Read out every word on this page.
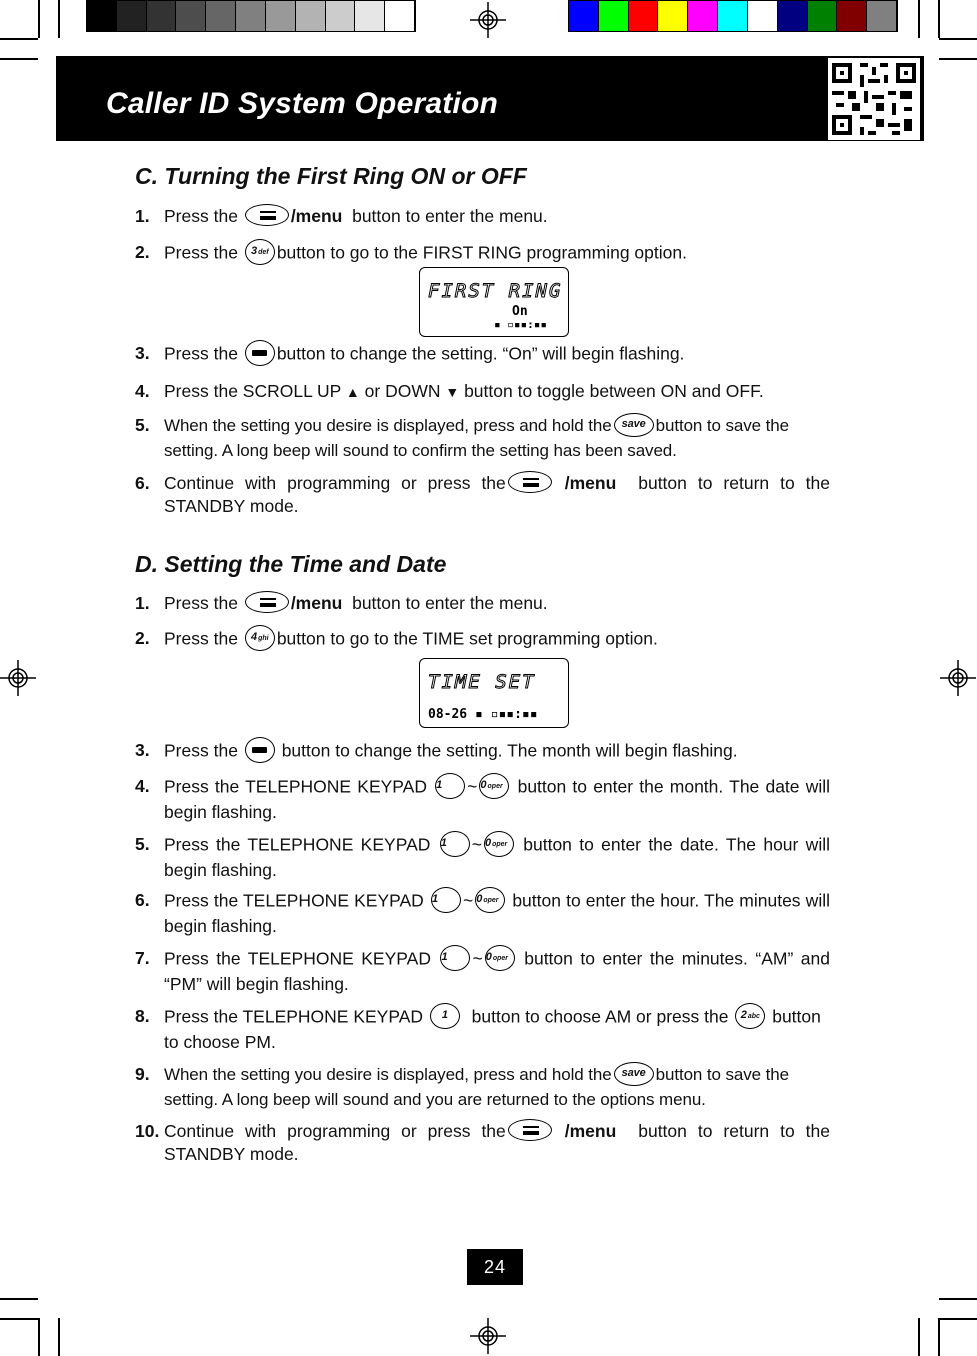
Caller ID System Operation
C. Turning the First Ring ON or OFF
1. Press the	/menu button to enter the menu.
2. Press the 3def button to go to the FIRST RING programming option.
FIRST RING
On
▪ ▫▪▪:▪▪
3. Press the button to change the setting. “On” will begin flashing.
4. Press the SCROLL UP ▲ or DOWN ▼ button to toggle between ON and OFF.
5. When the setting you desire is displayed, press and hold the save button to save the setting. A long beep will sound to confirm the setting has been saved.
6. Continue with programming or press the	/menu button to return to the STANDBY mode.
D. Setting the Time and Date
1. Press the	/menu button to enter the menu.
2. Press the 4ghi button to go to the TIME set programming option.
TIME SET
08-26 ▪ ▫▪▪:▪▪
3. Press the	button to change the setting. The month will begin flashing.
4. Press the TELEPHONE KEYPAD 1 ~ 0oper button to enter the month. The date will begin flashing.
5. Press the TELEPHONE KEYPAD 1 ~ 0oper button to enter the date. The hour will begin flashing.
6. Press the TELEPHONE KEYPAD 1 ~ 0oper button to enter the hour. The minutes will begin flashing.
7. Press the TELEPHONE KEYPAD 1 ~ 0oper button to enter the minutes. “AM” and “PM” will begin flashing.
8. Press the TELEPHONE KEYPAD 1 button to choose AM or press the 2abc button to choose PM.
9. When the setting you desire is displayed, press and hold the save button to save the setting. A long beep will sound and you are returned to the options menu.
10. Continue with programming or press the	/menu button to return to the STANDBY mode.
24
